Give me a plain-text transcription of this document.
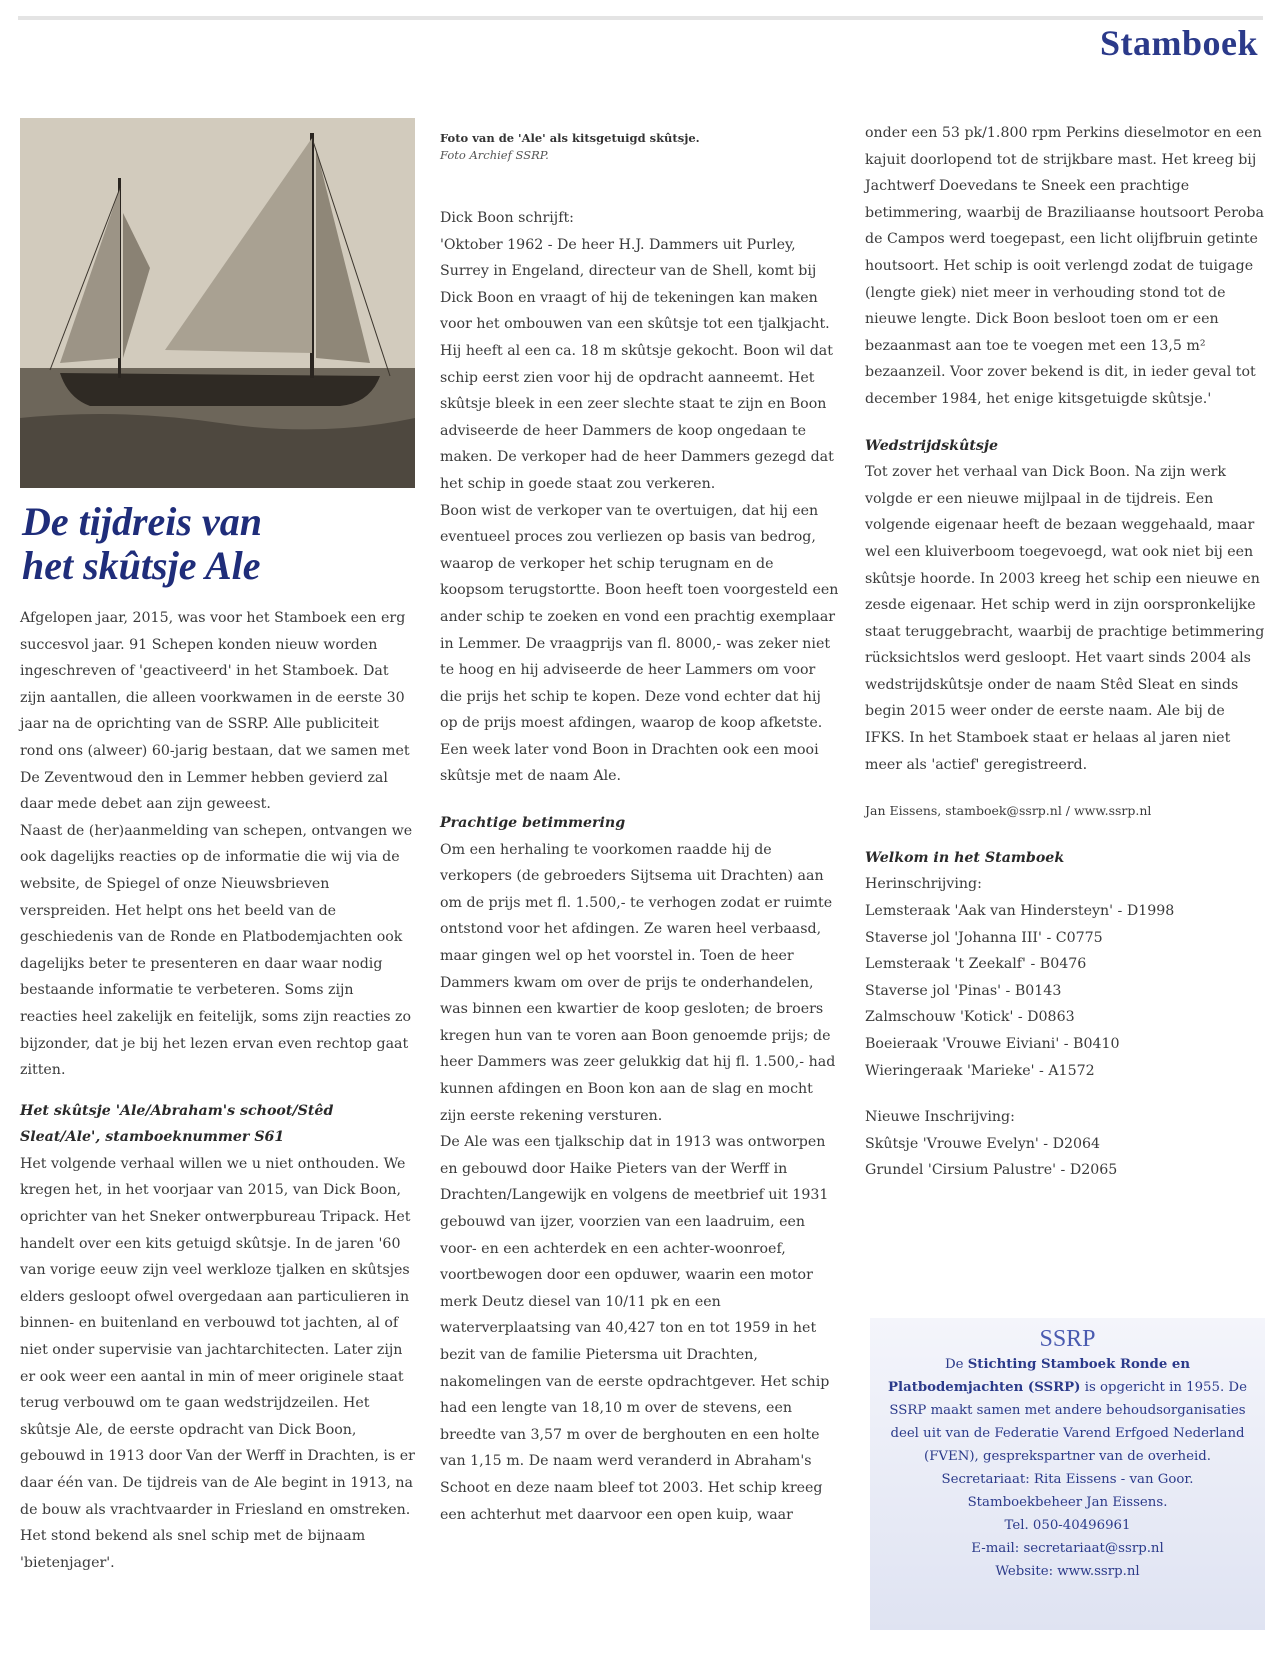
Stamboek
De tijdreis van
het skûtsje Ale

Afgelopen jaar, 2015, was voor het Stamboek een erg succesvol jaar. 91 Schepen konden nieuw worden ingeschreven of 'geactiveerd' in het Stamboek. Dat zijn aantallen, die alleen voorkwamen in de eerste 30 jaar na de oprichting van de SSRP. Alle publiciteit rond ons (alweer) 60-jarig bestaan, dat we samen met De Zeventwoud den in Lemmer hebben gevierd zal daar mede debet aan zijn geweest.

Naast de (her)aanmelding van schepen, ontvangen we ook dagelijks reacties op de informatie die wij via de website, de Spiegel of onze Nieuwsbrieven verspreiden. Het helpt ons het beeld van de geschiedenis van de Ronde en Platbodemjachten ook dagelijks beter te presenteren en daar waar nodig bestaande informatie te verbeteren. Soms zijn reacties heel zakelijk en feitelijk, soms zijn reacties zo bijzonder, dat je bij het lezen ervan even rechtop gaat zitten.

Het skûtsje 'Ale/Abraham's schoot/Stêd Sleat/Ale', stamboeknummer S61

Het volgende verhaal willen we u niet onthouden. We kregen het, in het voorjaar van 2015, van Dick Boon, oprichter van het Sneker ontwerpbureau Tripack. Het handelt over een kits getuigd skûtsje. In de jaren '60 van vorige eeuw zijn veel werkloze tjalken en skûtsjes elders gesloopt ofwel overgedaan aan particulieren in binnen- en buitenland en verbouwd tot jachten, al of niet onder supervisie van jachtarchitecten. Later zijn er ook weer een aantal in min of meer originele staat terug verbouwd om te gaan wedstrijdzeilen. Het skûtsje Ale, de eerste opdracht van Dick Boon, gebouwd in 1913 door Van der Werff in Drachten, is er daar één van. De tijdreis van de Ale begint in 1913, na de bouw als vrachtvaarder in Friesland en omstreken. Het stond bekend als snel schip met de bijnaam 'bietenjager'.

Foto van de 'Ale' als kitsgetuigd skûtsje.
Foto Archief SSRP.

Dick Boon schrijft:

'Oktober 1962 - De heer H.J. Dammers uit Purley, Surrey in Engeland, directeur van de Shell, komt bij Dick Boon en vraagt of hij de tekeningen kan maken voor het ombouwen van een skûtsje tot een tjalkjacht. Hij heeft al een ca. 18 m skûtsje gekocht. Boon wil dat schip eerst zien voor hij de opdracht aanneemt. Het skûtsje bleek in een zeer slechte staat te zijn en Boon adviseerde de heer Dammers de koop ongedaan te maken. De verkoper had de heer Dammers gezegd dat het schip in goede staat zou verkeren.

Boon wist de verkoper van te overtuigen, dat hij een eventueel proces zou verliezen op basis van bedrog, waarop de verkoper het schip terugnam en de koopsom terugstortte. Boon heeft toen voorgesteld een ander schip te zoeken en vond een prachtig exemplaar in Lemmer. De vraagprijs van fl. 8000,- was zeker niet te hoog en hij adviseerde de heer Lammers om voor die prijs het schip te kopen. Deze vond echter dat hij op de prijs moest afdingen, waarop de koop afketste. Een week later vond Boon in Drachten ook een mooi skûtsje met de naam Ale.

Prachtige betimmering

Om een herhaling te voorkomen raadde hij de verkopers (de gebroeders Sijtsema uit Drachten) aan om de prijs met fl. 1.500,- te verhogen zodat er ruimte ontstond voor het afdingen. Ze waren heel verbaasd, maar gingen wel op het voorstel in. Toen de heer Dammers kwam om over de prijs te onderhandelen, was binnen een kwartier de koop gesloten; de broers kregen hun van te voren aan Boon genoemde prijs; de heer Dammers was zeer gelukkig dat hij fl. 1.500,- had kunnen afdingen en Boon kon aan de slag en mocht zijn eerste rekening versturen.

De Ale was een tjalkschip dat in 1913 was ontworpen en gebouwd door Haike Pieters van der Werff in Drachten/Langewijk en volgens de meetbrief uit 1931 gebouwd van ijzer, voorzien van een laadruim, een voor- en een achterdek en een achter-woonroef, voortbewogen door een opduwer, waarin een motor merk Deutz diesel van 10/11 pk en een waterverplaatsing van 40,427 ton en tot 1959 in het bezit van de familie Pietersma uit Drachten, nakomelingen van de eerste opdrachtgever. Het schip had een lengte van 18,10 m over de stevens, een breedte van 3,57 m over de berghouten en een holte van 1,15 m. De naam werd veranderd in Abraham's Schoot en deze naam bleef tot 2003. Het schip kreeg een achterhut met daarvoor een open kuip, waar

onder een 53 pk/1.800 rpm Perkins dieselmotor en een kajuit doorlopend tot de strijkbare mast. Het kreeg bij Jachtwerf Doevedans te Sneek een prachtige betimmering, waarbij de Braziliaanse houtsoort Peroba de Campos werd toegepast, een licht olijfbruin getinte houtsoort. Het schip is ooit verlengd zodat de tuigage (lengte giek) niet meer in verhouding stond tot de nieuwe lengte. Dick Boon besloot toen om er een bezaanmast aan toe te voegen met een 13,5 m² bezaanzeil. Voor zover bekend is dit, in ieder geval tot december 1984, het enige kitsgetuigde skûtsje.'

Wedstrijdskûtsje

Tot zover het verhaal van Dick Boon. Na zijn werk volgde er een nieuwe mijlpaal in de tijdreis. Een volgende eigenaar heeft de bezaan weggehaald, maar wel een kluiverboom toegevoegd, wat ook niet bij een skûtsje hoorde. In 2003 kreeg het schip een nieuwe en zesde eigenaar. Het schip werd in zijn oorspronkelijke staat teruggebracht, waarbij de prachtige betimmering rücksichtslos werd gesloopt. Het vaart sinds 2004 als wedstrijdskûtsje onder de naam Stêd Sleat en sinds begin 2015 weer onder de eerste naam. Ale bij de IFKS. In het Stamboek staat er helaas al jaren niet meer als 'actief' geregistreerd.

Jan Eissens, stamboek@ssrp.nl / www.ssrp.nl

Welkom in het Stamboek

Herinschrijving:

Lemsteraak 'Aak van Hindersteyn' - D1998

Staverse jol 'Johanna III' - C0775

Lemsteraak 't Zeekalf' - B0476

Staverse jol 'Pinas' - B0143

Zalmschouw 'Kotick' - D0863

Boeieraak 'Vrouwe Eiviani' - B0410

Wieringeraak 'Marieke' - A1572

Nieuwe Inschrijving:

Skûtsje 'Vrouwe Evelyn' - D2064

Grundel 'Cirsium Palustre' - D2065

SSRP
De Stichting Stamboek Ronde en Platbodemjachten (SSRP) is opgericht in 1955. De SSRP maakt samen met andere behoudsorganisaties deel uit van de Federatie Varend Erfgoed Nederland (FVEN), gesprekspartner van de overheid.
Secretariaat: Rita Eissens - van Goor.
Stamboekbeheer Jan Eissens.
Tel. 050-40496961
E-mail: secretariaat@ssrp.nl
Website: www.ssrp.nl
